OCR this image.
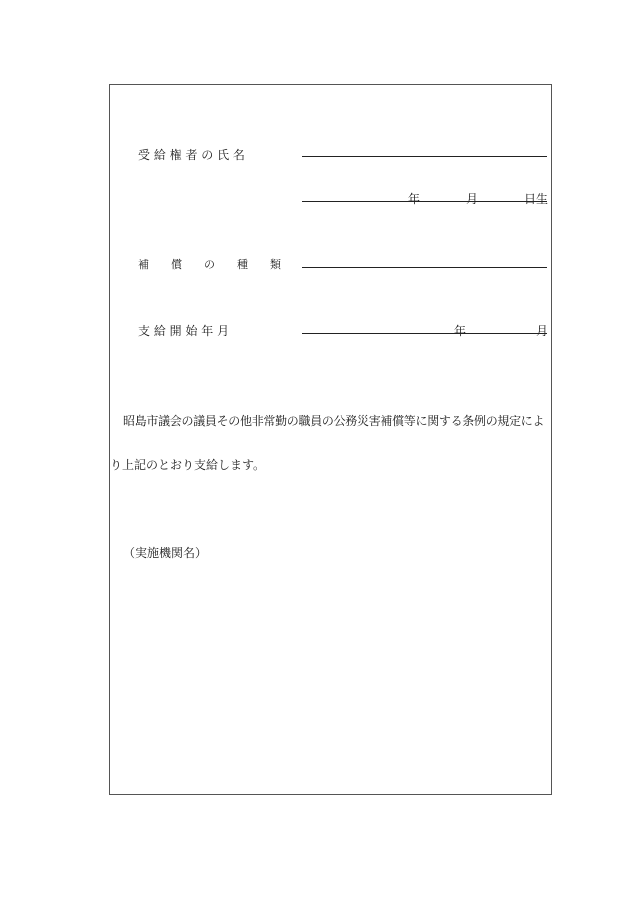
受 給 権 者 の 氏 名
年	月	日生
補　　償　　の　　種　　類
支 給 開 始 年 月	年	月
昭島市議会の議員その他非常勤の職員の公務災害補償等に関する条例の規定によ
り上記のとおり支給します。
（実施機関名）
